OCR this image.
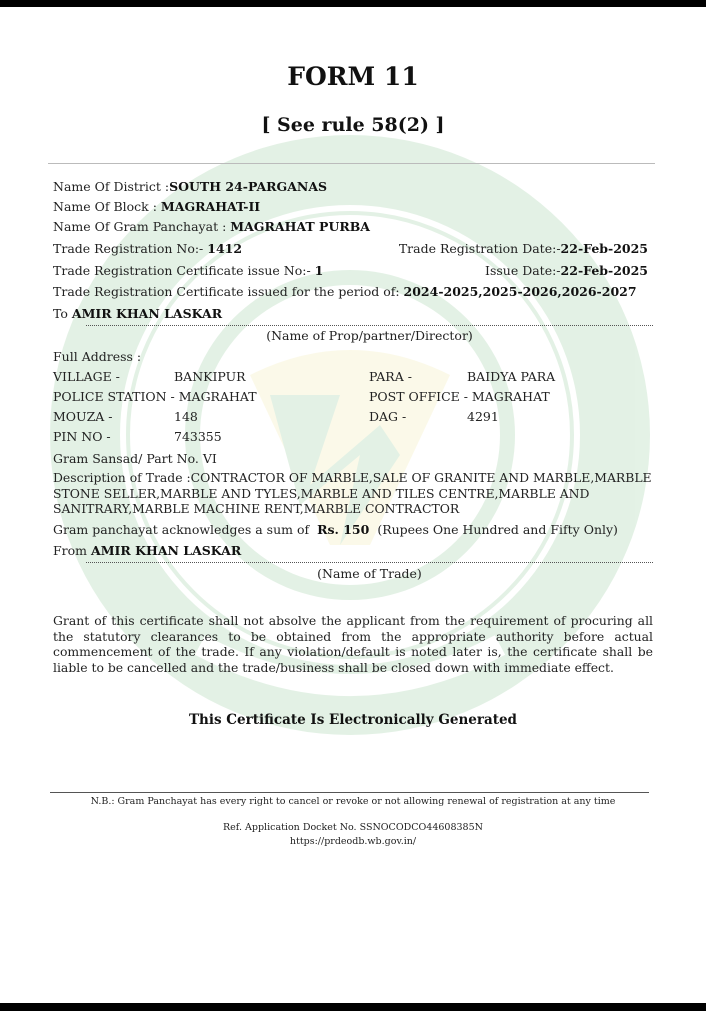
FORM 11
[ See rule 58(2) ]
Name Of District :SOUTH 24-PARGANAS
Name Of Block : MAGRAHAT-II
Name Of Gram Panchayat : MAGRAHAT PURBA
Trade Registration No:- 1412	Trade Registration Date:-22-Feb-2025
Trade Registration Certificate issue No:- 1	Issue Date:-22-Feb-2025
Trade Registration Certificate issued for the period of: 2024-2025,2025-2026,2026-2027
To AMIR KHAN LASKAR
(Name of Prop/partner/Director)
Full Address :
VILLAGE -	BANKIPUR	PARA -	BAIDYA PARA
POLICE STATION - MAGRAHAT	POST OFFICE - MAGRAHAT
MOUZA -	148	DAG -	4291
PIN NO -	743355
Gram Sansad/ Part No. VI
Description of Trade :CONTRACTOR OF MARBLE,SALE OF GRANITE AND MARBLE,MARBLE STONE SELLER,MARBLE AND TYLES,MARBLE AND TILES CENTRE,MARBLE AND SANITRARY,MARBLE MACHINE RENT,MARBLE CONTRACTOR
Gram panchayat acknowledges a sum of Rs. 150 (Rupees One Hundred and Fifty Only)
From AMIR KHAN LASKAR
(Name of Trade)
Grant of this certificate shall not absolve the applicant from the requirement of procuring all the statutory clearances to be obtained from the appropriate authority before actual commencement of the trade. If any violation/default is noted later is, the certificate shall be liable to be cancelled and the trade/business shall be closed down with immediate effect.
This Certificate Is Electronically Generated
N.B.: Gram Panchayat has every right to cancel or revoke or not allowing renewal of registration at any time
Ref. Application Docket No. SSNOCODCO44608385N
https://prdeodb.wb.gov.in/
